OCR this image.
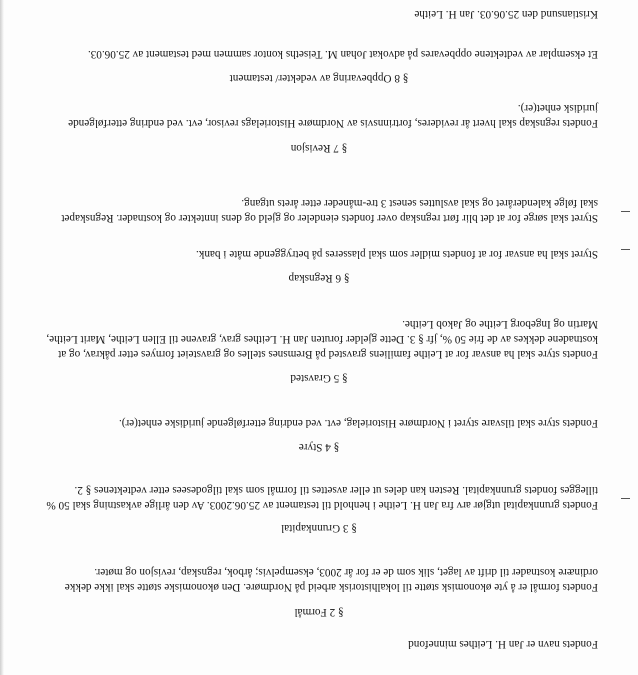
Fondets navn er Jan H. Leithes minnefond

§ 2 Formål

Fondets formål er å yte økonomisk støtte til lokalhistorisk arbeid på Nordmøre. Den økonomiske støtte skal ikke dekke ordinære kostnader til drift av laget, slik som de er for år 2003, eksempelvis; årbok, regnskap, revisjon og møter.

§ 3 Grunnkapital

Fondets grunnkapital utgjør arv fra Jan H. Leithe i henhold til testament av 25.06.2003. Av den årlige avkastning skal 50 % tillegges fondets grunnkapital. Resten kan deles ut eller avsettes til formål som skal tilgodesees etter vedtektenes § 2.

§ 4 Styre

Fondets styre skal tilsvare styret i Nordmøre Historielag, evt. ved endring etterfølgende juridiske enhet(er).

§ 5 Gravsted

Fondets styre skal ha ansvar for at Leithe familiens gravsted på Bremsnes stelles og gravsteiet fornyes etter påkrav, og at kostnadene dekkes av de frie 50 %, jfr § 3. Dette gjelder foruten Jan H. Leithes grav, gravene til Ellen Leithe, Marit Leithe, Martin og Ingeborg Leithe og Jakob Leithe.

§ 6 Regnskap

Styret skal ha ansvar for at fondets midler som skal plasseres på betryggende måte i bank.

Styret skal sørge for at det blir ført regnskap over fondets eiendeler og gjeld og dens inntekter og kostnader. Regnskapet skal følge kalenderåret og skal avsluttes senest 3 tre-måneder etter årets utgang.

§ 7 Revisjon

Fondets regnskap skal hvert år revideres, fortrinnsvis av Nordmøre Historielags revisor, evt. ved endring etterfølgende juridisk enhet(er).

§ 8 Oppbevaring av vedekter/ testament

Et eksemplar av vedtektene oppbevares på advokat Johan M. Teiseths kontor sammen med testament av 25.06.03.

Kristiansund den 25.06.03. Jan H. Leithe
